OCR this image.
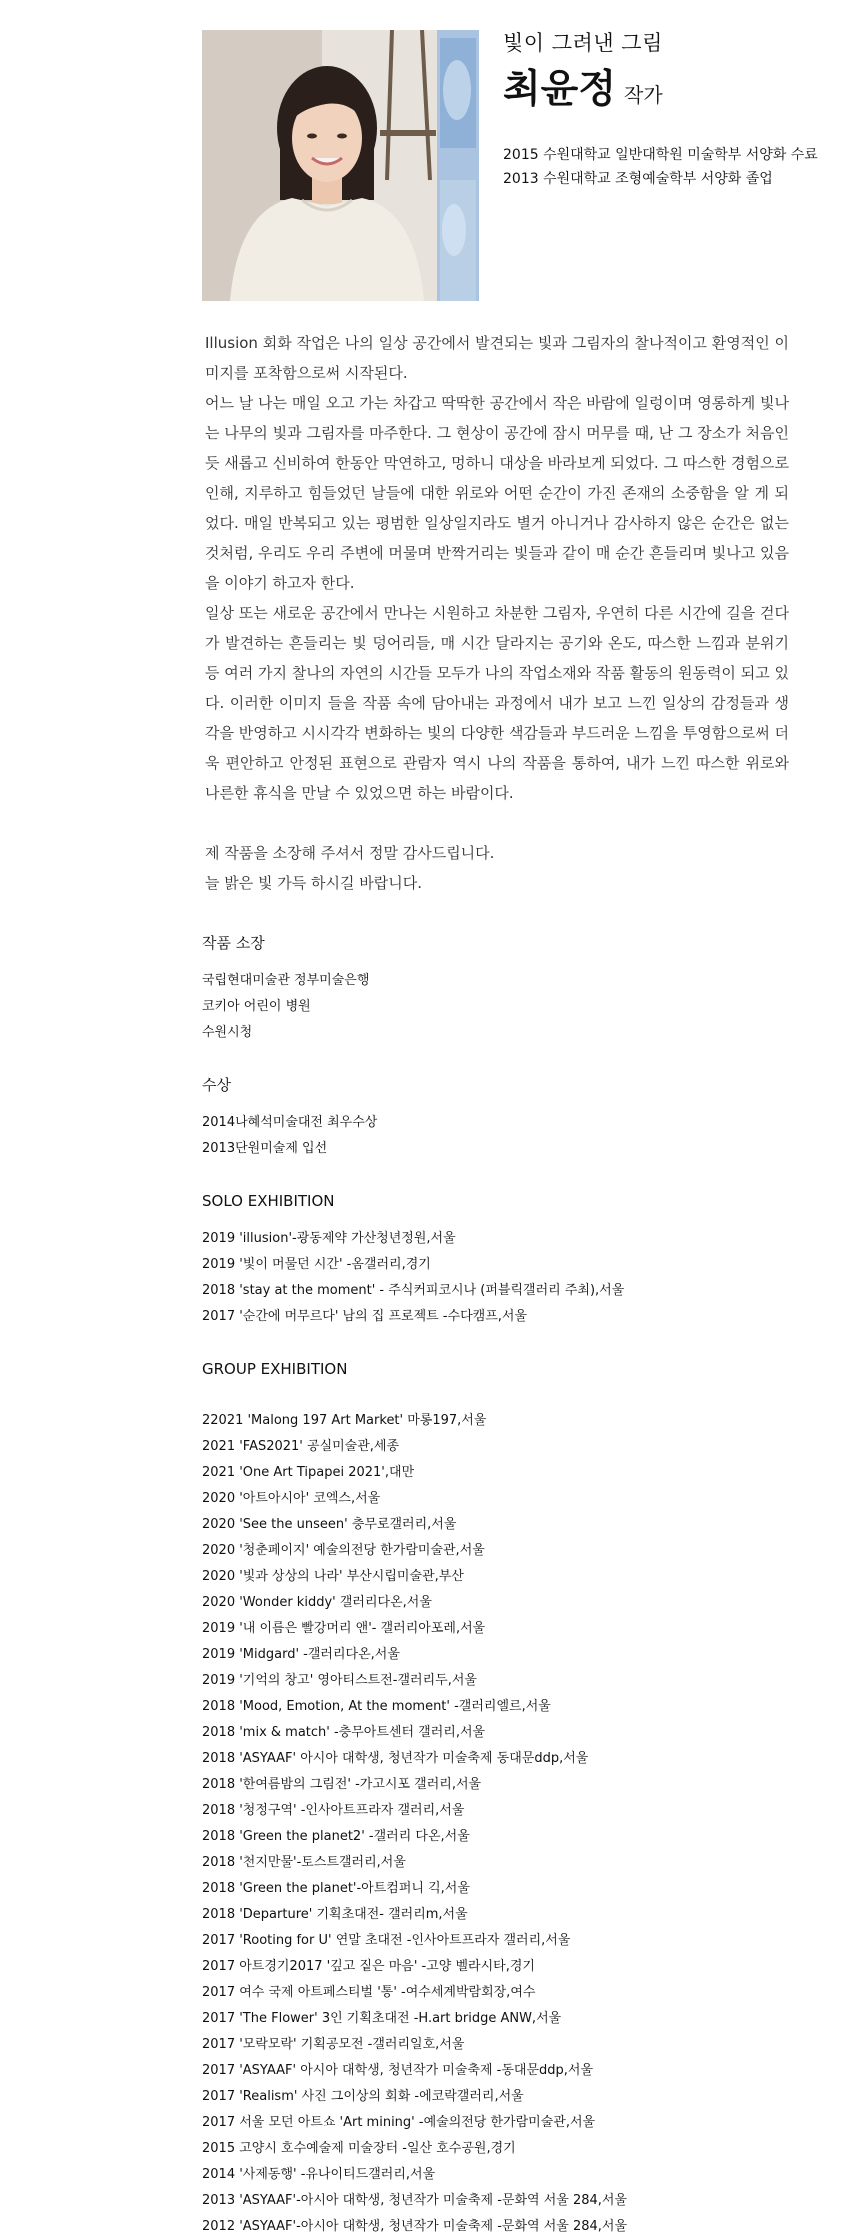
빛이 그려낸 그림

최윤정 작가
2015 수원대학교 일반대학원 미술학부 서양화 수료
2013 수원대학교 조형예술학부 서양화 졸업

Illusion 회화 작업은 나의 일상 공간에서 발견되는 빛과 그림자의 찰나적이고 환영적인 이미지를 포착함으로써 시작된다.

어느 날 나는 매일 오고 가는 차갑고 딱딱한 공간에서 작은 바람에 일렁이며 영롱하게 빛나는 나무의 빛과 그림자를 마주한다. 그 현상이 공간에 잠시 머무를 때, 난 그 장소가 처음인 듯 새롭고 신비하여 한동안 막연하고, 멍하니 대상을 바라보게 되었다. 그 따스한 경험으로 인해, 지루하고 힘들었던 날들에 대한 위로와 어떤 순간이 가진 존재의 소중함을 알 게 되었다. 매일 반복되고 있는 평범한 일상일지라도 별거 아니거나 감사하지 않은 순간은 없는 것처럼, 우리도 우리 주변에 머물며 반짝거리는 빛들과 같이 매 순간 흔들리며 빛나고 있음을 이야기 하고자 한다.

일상 또는 새로운 공간에서 만나는 시원하고 차분한 그림자, 우연히 다른 시간에 길을 걷다가 발견하는 흔들리는 빛 덩어리들, 매 시간 달라지는 공기와 온도, 따스한 느낌과 분위기 등 여러 가지 찰나의 자연의 시간들 모두가 나의 작업소재와 작품 활동의 원동력이 되고 있다. 이러한 이미지 들을 작품 속에 담아내는 과정에서 내가 보고 느낀 일상의 감정들과 생각을 반영하고 시시각각 변화하는 빛의 다양한 색감들과 부드러운 느낌을 투영함으로써 더욱 편안하고 안정된 표현으로 관람자 역시 나의 작품을 통하여, 내가 느낀 따스한 위로와 나른한 휴식을 만날 수 있었으면 하는 바람이다.

제 작품을 소장해 주셔서 정말 감사드립니다.

늘 밝은 빛 가득 하시길 바랍니다.

작품 소장

국립현대미술관 정부미술은행
코키아 어린이 병원
수원시청

수상

2014나혜석미술대전 최우수상
2013단원미술제 입선

SOLO EXHIBITION

2019 'illusion'-광동제약 가산청년정원,서울
2019 '빛이 머물던 시간' -옴갤러리,경기
2018 'stay at the moment' - 주식커피코시나 (퍼블릭갤러리 주최),서울
2017 '순간에 머무르다' 남의 집 프로젝트 -수다캠프,서울

GROUP EXHIBITION

22021 'Malong 197 Art Market' 마롱197,서울
2021 'FAS2021' 공실미술관,세종
2021 'One Art Tipapei 2021',대만
2020 '아트아시아' 코엑스,서울
2020 'See the unseen' 충무로갤러리,서울
2020 '청춘페이지' 예술의전당 한가람미술관,서울
2020 '빛과 상상의 나라' 부산시립미술관,부산
2020 'Wonder kiddy' 갤러리다온,서울
2019 '내 이름은 빨강머리 앤'- 갤러리아포레,서울
2019 'Midgard' -갤러리다온,서울
2019 '기억의 창고' 영아티스트전-갤러리두,서울
2018 'Mood, Emotion, At the moment' -갤러리엘르,서울
2018 'mix & match' -충무아트센터 갤러리,서울
2018 'ASYAAF' 아시아 대학생, 청년작가 미술축제 동대문ddp,서울
2018 '한여름밤의 그림전' -가고시포 갤러리,서울
2018 '청정구역' -인사아트프라자 갤러리,서울
2018 'Green the planet2' -갤러리 다온,서울
2018 '천지만물'-토스트갤러리,서울
2018 'Green the planet'-아트컴퍼니 긱,서울
2018 'Departure' 기획초대전- 갤러리m,서울
2017 'Rooting for U' 연말 초대전 -인사아트프라자 갤러리,서울
2017 아트경기2017 '깊고 짙은 마음' -고양 벨라시타,경기
2017 여수 국제 아트페스티벌 '통' -여수세계박람회장,여수
2017 'The Flower' 3인 기획초대전 -H.art bridge ANW,서울
2017 '모락모락' 기획공모전 -갤러리일호,서울
2017 'ASYAAF' 아시아 대학생, 청년작가 미술축제 -동대문ddp,서울
2017 'Realism' 사진 그이상의 회화 -에코락갤러리,서울
2017 서울 모던 아트쇼 'Art mining' -예술의전당 한가람미술관,서울
2015 고양시 호수예술제 미술장터 -일산 호수공원,경기
2014 '사제동행' -유나이티드갤러리,서울
2013 'ASYAAF'-아시아 대학생, 청년작가 미술축제 -문화역 서울 284,서울
2012 'ASYAAF'-아시아 대학생, 청년작가 미술축제 -문화역 서울 284,서울
